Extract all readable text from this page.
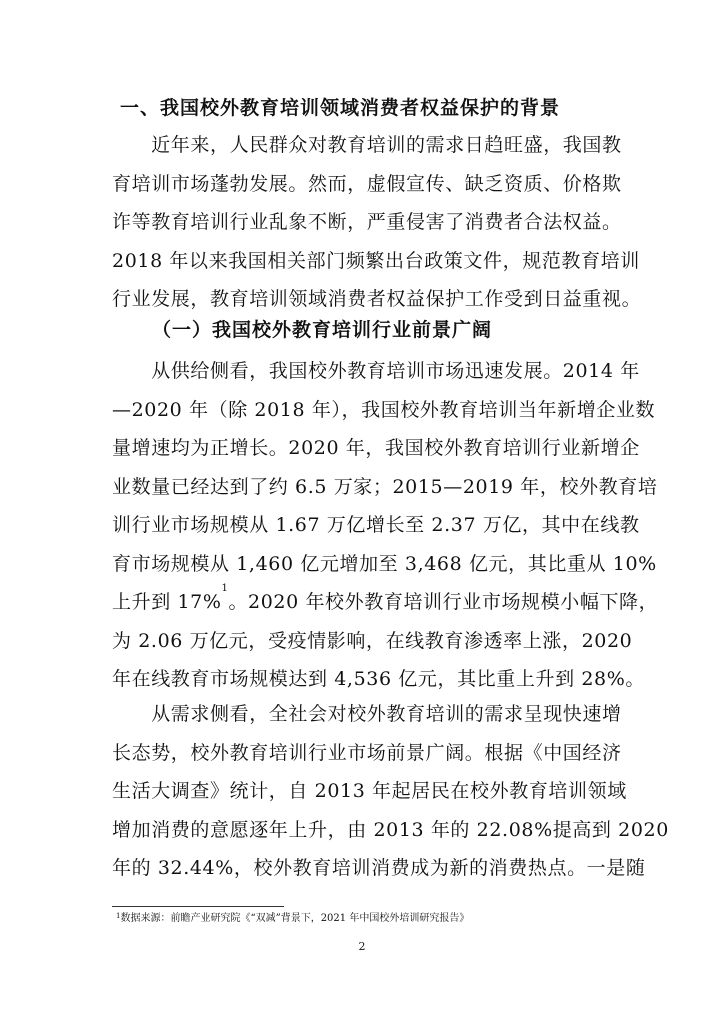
一、我国校外教育培训领域消费者权益保护的背景
　　近年来，人民群众对教育培训的需求日趋旺盛，我国教
育培训市场蓬勃发展。然而，虚假宣传、缺乏资质、价格欺
诈等教育培训行业乱象不断，严重侵害了消费者合法权益。
2018 年以来我国相关部门频繁出台政策文件，规范教育培训
行业发展，教育培训领域消费者权益保护工作受到日益重视。
（一）我国校外教育培训行业前景广阔
　　从供给侧看，我国校外教育培训市场迅速发展。2014 年
—2020 年（除 2018 年），我国校外教育培训当年新增企业数
量增速均为正增长。2020 年，我国校外教育培训行业新增企
业数量已经达到了约 6.5 万家；2015—2019 年，校外教育培
训行业市场规模从 1.67 万亿增长至 2.37 万亿，其中在线教
育市场规模从 1,460 亿元增加至 3,468 亿元，其比重从 10%
上升到 17%$^1$。2020 年校外教育培训行业市场规模小幅下降，
为 2.06 万亿元，受疫情影响，在线教育渗透率上涨，2020
年在线教育市场规模达到 4,536 亿元，其比重上升到 28%。
　　从需求侧看，全社会对校外教育培训的需求呈现快速增
长态势，校外教育培训行业市场前景广阔。根据《中国经济
生活大调查》统计，自 2013 年起居民在校外教育培训领域
增加消费的意愿逐年上升，由 2013 年的 22.08%提高到 2020
年的 32.44%，校外教育培训消费成为新的消费热点。一是随
$^1$数据来源：前瞻产业研究院《“双减”背景下，2021 年中国校外培训研究报告》
2
